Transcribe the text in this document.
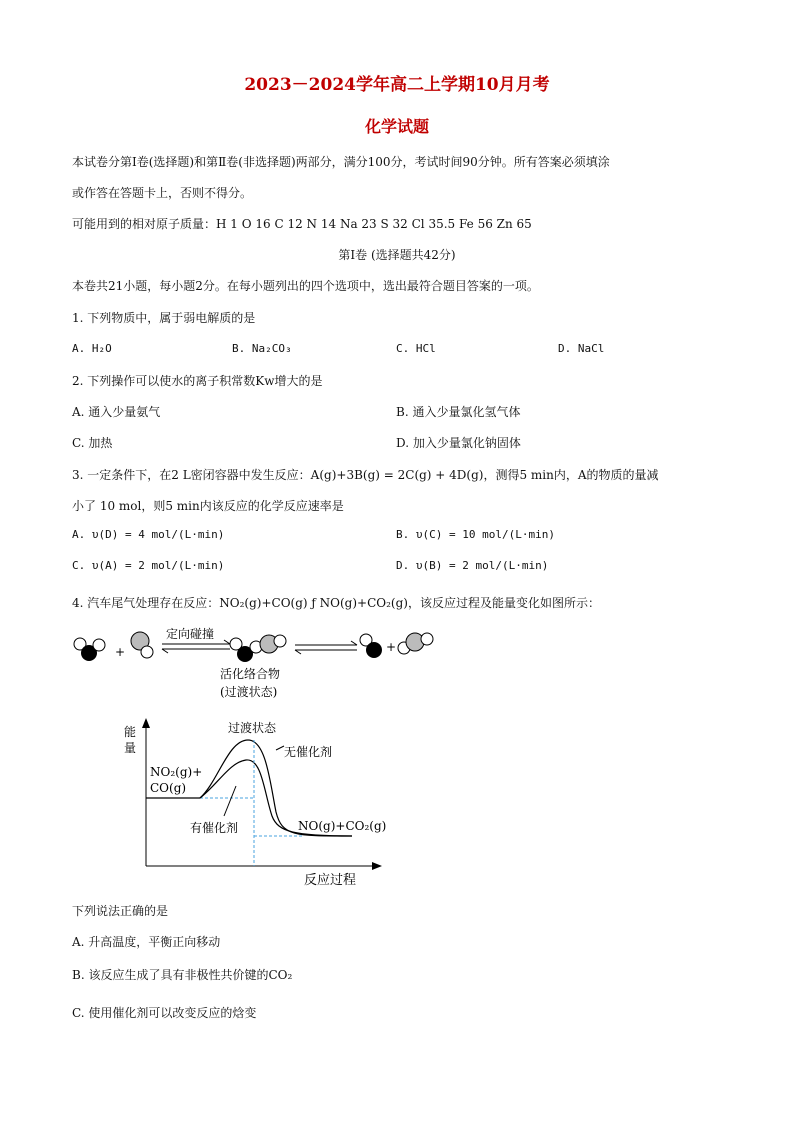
2023－2024学年高二上学期10月月考
化学试题
本试卷分第Ⅰ卷(选择题)和第Ⅱ卷(非选择题)两部分，满分100分，考试时间90分钟。所有答案必须填涂
或作答在答题卡上，否则不得分。
可能用到的相对原子质量：H 1 O 16 C 12 N 14 Na 23 S 32 Cl 35.5 Fe 56 Zn 65
第Ⅰ卷 (选择题共42分)
本卷共21小题，每小题2分。在每小题列出的四个选项中，选出最符合题目答案的一项。
1. 下列物质中，属于弱电解质的是
A. H₂O	B. Na₂CO₃	C. HCl	D. NaCl
2. 下列操作可以使水的离子积常数Kw增大的是
A. 通入少量氨气	B. 通入少量氯化氢气体
C. 加热	D. 加入少量氯化钠固体
3. 一定条件下，在2 L密闭容器中发生反应：A(g)+3B(g) = 2C(g) + 4D(g)，测得5 min内，A的物质的量减
小了 10 mol，则5 min内该反应的化学反应速率是
A. υ(D) = 4 mol/(L·min)	B. υ(C) = 10 mol/(L·min)
C. υ(A) = 2 mol/(L·min)	D. υ(B) = 2 mol/(L·min)
4. 汽车尾气处理存在反应：NO₂(g)+CO(g) ƒ NO(g)+CO₂(g)，该反应过程及能量变化如图所示：
+
定向碰撞
活化络合物
(过渡状态)
+
能
量
反应过程
过渡状态
无催化剂
有催化剂
NO₂(g)+
CO(g)
NO(g)+CO₂(g)
下列说法正确的是
A. 升高温度，平衡正向移动
B. 该反应生成了具有非极性共价键的CO₂
C. 使用催化剂可以改变反应的焓变
